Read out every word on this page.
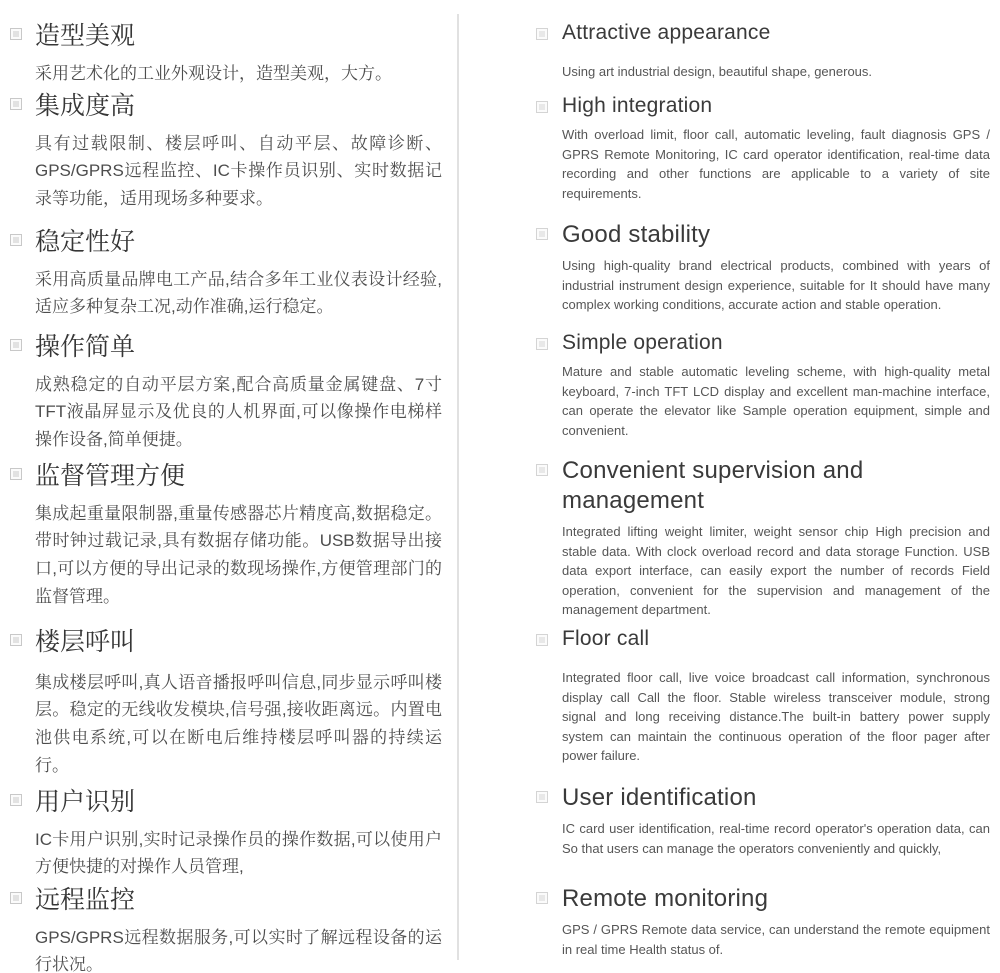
造型美观

采用艺术化的工业外观设计，造型美观，大方。

集成度高

具有过载限制、楼层呼叫、自动平层、故障诊断、GPS/GPRS远程监控、IC卡操作员识别、实时数据记录等功能，适用现场多种要求。

稳定性好

采用高质量品牌电工产品,结合多年工业仪表设计经验,适应多种复杂工况,动作准确,运行稳定。

操作简单

成熟稳定的自动平层方案,配合高质量金属键盘、7寸TFT液晶屏显示及优良的人机界面,可以像操作电梯样操作设备,简单便捷。

监督管理方便

集成起重量限制器,重量传感器芯片精度高,数据稳定。带时钟过载记录,具有数据存储功能。USB数据导出接口,可以方便的导出记录的数现场操作,方便管理部门的监督管理。

楼层呼叫

集成楼层呼叫,真人语音播报呼叫信息,同步显示呼叫楼层。稳定的无线收发模块,信号强,接收距离远。内置电池供电系统,可以在断电后维持楼层呼叫器的持续运行。

用户识别

IC卡用户识别,实时记录操作员的操作数据,可以使用户方便快捷的对操作人员管理,

远程监控

GPS/GPRS远程数据服务,可以实时了解远程设备的运行状况。

Attractive appearance

Using art industrial design, beautiful shape, generous.

High integration

With overload limit, floor call, automatic leveling, fault diagnosis GPS / GPRS Remote Monitoring, IC card operator identification, real-time data recording and other functions are applicable to a variety of site requirements.

Good stability

Using high-quality brand electrical products, combined with years of industrial instrument design experience, suitable for It should have many complex working conditions, accurate action and stable operation.

Simple operation

Mature and stable automatic leveling scheme, with high-quality metal keyboard, 7-inch TFT LCD display and excellent man-machine interface, can operate the elevator like Sample operation equipment, simple and convenient.

Convenient supervision and management

Integrated lifting weight limiter, weight sensor chip High precision and stable data. With clock overload record and data storage Function. USB data export interface, can easily export the number of records Field operation, convenient for the supervision and management of the management department.

Floor call

Integrated floor call, live voice broadcast call information, synchronous display call Call the floor. Stable wireless transceiver module, strong signal and long receiving distance.The built-in battery power supply system can maintain the continuous operation of the floor pager after power failure.

User identification

IC card user identification, real-time record operator's operation data, can So that users can manage the operators conveniently and quickly,

Remote monitoring

GPS / GPRS Remote data service, can understand the remote equipment in real time Health status of.
